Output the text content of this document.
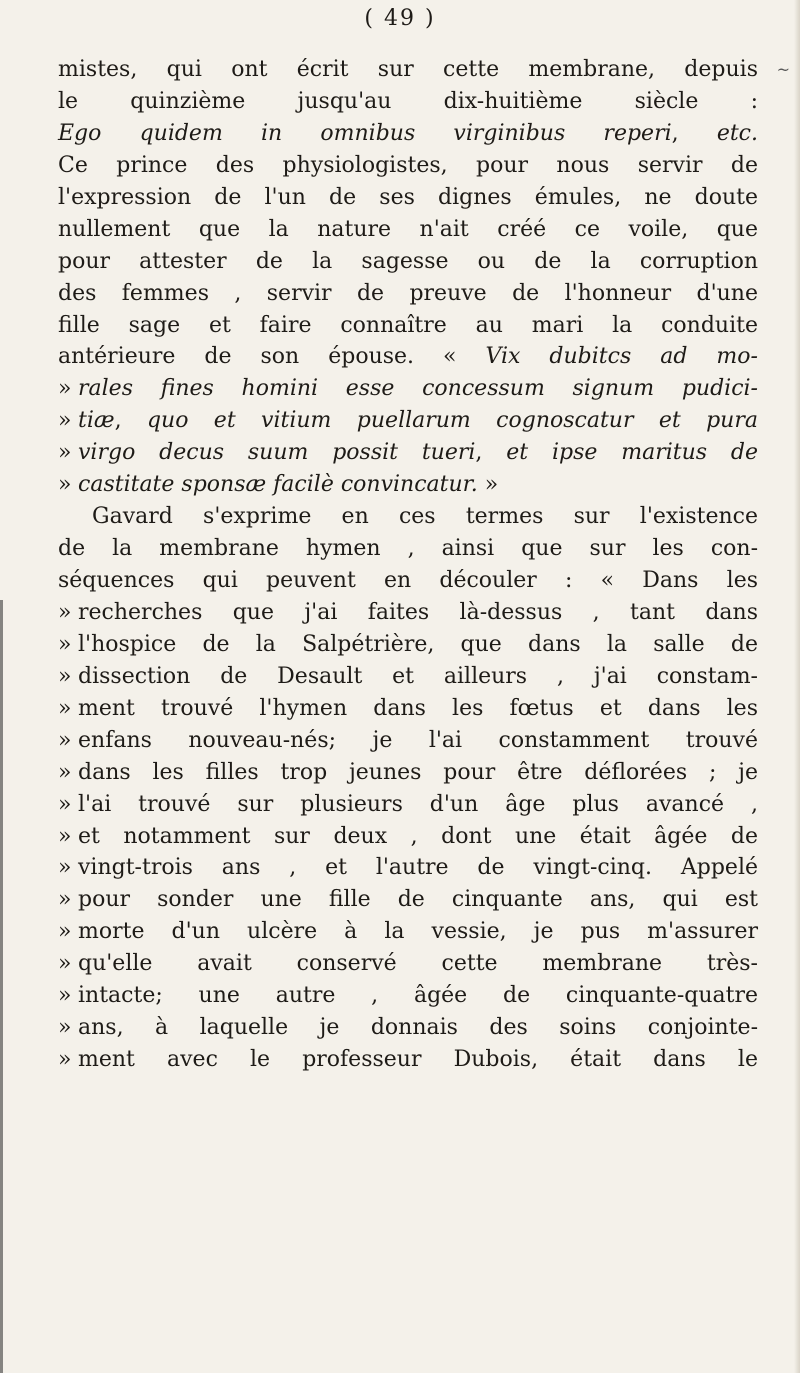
( 49 )
~
mistes, qui ont écrit sur cette membrane, depuis
le quinzième jusqu'au dix-huitième siècle :
Ego quidem in omnibus virginibus reperi, etc.
Ce prince des physiologistes, pour nous servir de
l'expression de l'un de ses dignes émules, ne doute
nullement que la nature n'ait créé ce voile, que
pour attester de la sagesse ou de la corruption
des femmes , servir de preuve de l'honneur d'une
fille sage et faire connaître au mari la conduite
antérieure de son épouse. « Vix dubitcs ad mo-
» rales fines homini esse concessum signum pudici-
» tiæ, quo et vitium puellarum cognoscatur et pura
» virgo decus suum possit tueri, et ipse maritus de
» castitate sponsæ facilè convincatur. »
Gavard s'exprime en ces termes sur l'existence
de la membrane hymen , ainsi que sur les con-
séquences qui peuvent en découler : « Dans les
» recherches que j'ai faites là-dessus , tant dans
» l'hospice de la Salpétrière, que dans la salle de
» dissection de Desault et ailleurs , j'ai constam-
» ment trouvé l'hymen dans les fœtus et dans les
» enfans nouveau-nés; je l'ai constamment trouvé
» dans les filles trop jeunes pour être déflorées ; je
» l'ai trouvé sur plusieurs d'un âge plus avancé ,
» et notamment sur deux , dont une était âgée de
» vingt-trois ans , et l'autre de vingt-cinq. Appelé
» pour sonder une fille de cinquante ans, qui est
» morte d'un ulcère à la vessie, je pus m'assurer
» qu'elle avait conservé cette membrane très-
» intacte; une autre , âgée de cinquante-quatre
» ans, à laquelle je donnais des soins conjointe-
» ment avec le professeur Dubois, était dans le
